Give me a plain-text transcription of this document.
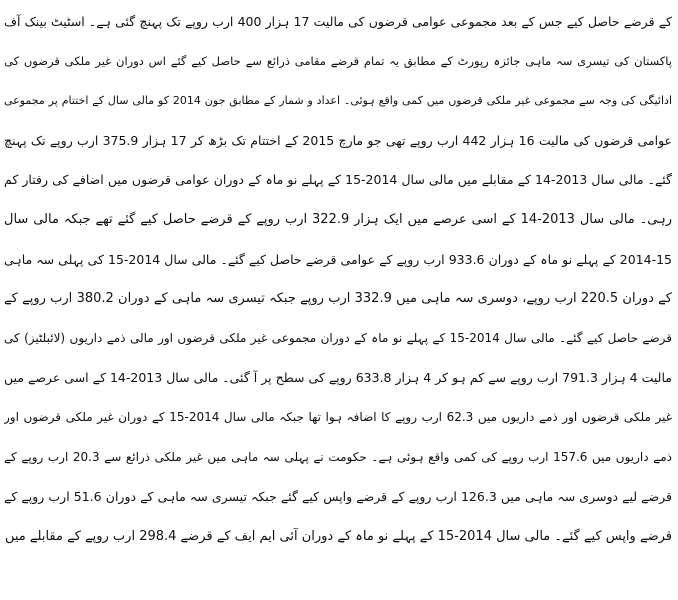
کے قرضے حاصل کیے جس کے بعد مجموعی عوامی قرضوں کی مالیت 17 ہزار 400 ارب روپے تک پہنچ گئی ہے۔ اسٹیٹ بینک آف
پاکستان کی تیسری سہ ماہی جائزہ رپورٹ کے مطابق یہ تمام قرضے مقامی ذرائع سے حاصل کیے گئے اس دوران غیر ملکی قرضوں کی
ادائیگی کی وجہ سے مجموعی غیر ملکی قرضوں میں کمی واقع ہوئی۔ اعداد و شمار کے مطابق جون 2014 کو مالی سال کے اختتام پر مجموعی
عوامی قرضوں کی مالیت 16 ہزار 442 ارب روپے تھی جو مارچ 2015 کے اختتام تک بڑھ کر 17 ہزار 375.9 ارب روپے تک پہنچ
گئے۔ مالی سال 2013-14 کے مقابلے میں مالی سال 2014-15 کے پہلے نو ماہ کے دوران عوامی قرضوں میں اضافے کی رفتار کم
رہی۔ مالی سال 2013-14 کے اسی عرصے میں ایک ہزار 322.9 ارب روپے کے قرضے حاصل کیے گئے تھے جبکہ مالی سال
2014-15 کے پہلے نو ماہ کے دوران 933.6 ارب روپے کے عوامی قرضے حاصل کیے گئے۔ مالی سال 2014-15 کی پہلی سہ ماہی
کے دوران 220.5 ارب روپے، دوسری سہ ماہی میں 332.9 ارب روپے جبکہ تیسری سہ ماہی کے دوران 380.2 ارب روپے کے
قرضے حاصل کیے گئے۔ مالی سال 2014-15 کے پہلے نو ماہ کے دوران مجموعی غیر ملکی قرضوں اور مالی ذمے داریوں (لائبلٹیز) کی
مالیت 4 ہزار 791.3 ارب روپے سے کم ہو کر 4 ہزار 633.8 روپے کی سطح پر آ گئی۔ مالی سال 2013-14 کے اسی عرصے میں
غیر ملکی قرضوں اور ذمے داریوں میں 62.3 ارب روپے کا اضافہ ہوا تھا جبکہ مالی سال 2014-15 کے دوران غیر ملکی قرضوں اور
ذمے داریوں میں 157.6 ارب روپے کی کمی واقع ہوئی ہے۔ حکومت نے پہلی سہ ماہی میں غیر ملکی ذرائع سے 20.3 ارب روپے کے
قرضے لیے دوسری سہ ماہی میں 126.3 ارب روپے کے قرضے واپس کیے گئے جبکہ تیسری سہ ماہی کے دوران 51.6 ارب روپے کے
قرضے واپس کیے گئے۔ مالی سال 2014-15 کے پہلے نو ماہ کے دوران آئی ایم ایف کے قرضے 298.4 ارب روپے کے مقابلے میں
